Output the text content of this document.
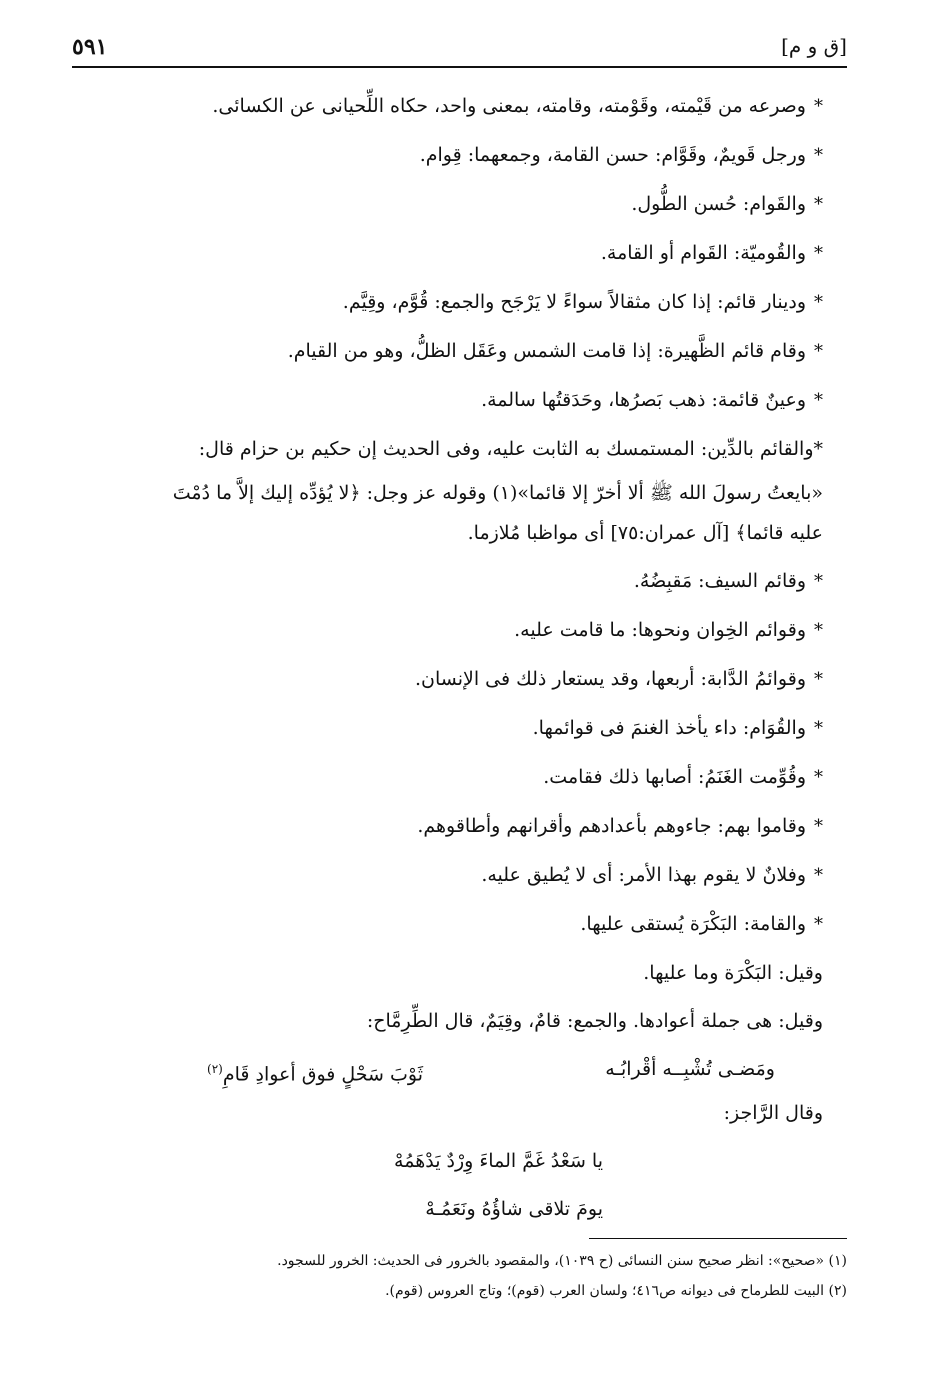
[ق و م]
٥٩١

*وصرعه من قَيْمته، وقَوْمته، وقامته، بمعنى واحد، حكاه اللِّحيانى عن الكسائى.

*ورجل قَويمٌ، وقَوَّام: حسن القامة، وجمعهما: قِوام.

*والقَوام: حُسن الطُّول.

*والقُوميّة: القَوام أو القامة.

*ودينار قائم: إذا كان مثقالاً سواءً لا يَرْجَح والجمع: قُوَّم، وقِيَّم.

*وقام قائم الظَّهيرة: إذا قامت الشمس وعَقَل الظلُّ، وهو من القيام.

*وعينٌ قائمة: ذهب بَصرُها، وحَدَقتُها سالمة.

*والقائم بالدِّين: المستمسك به الثابت عليه، وفى الحديث إن حكيم بن حزام قال:

«بايعتُ رسولَ الله ﷺ ألا أخرّ إلا قائما»(١) وقوله عز وجل: ﴿لا يُؤدِّه إليك إلاَّ ما دُمْتَ

عليه قائما﴾ [آل عمران:٧٥] أى مواظبا مُلازما.

*وقائم السيف: مَقبِضُهُ.

*وقوائم الخِوان ونحوها: ما قامت عليه.

*وقوائمُ الدَّابة: أربعها، وقد يستعار ذلك فى الإنسان.

*والقُوَام: داء يأخذ الغنمَ فى قوائمها.

*وقُوِّمت الغَنَمُ: أصابها ذلك فقامت.

*وقاموا بهم: جاءوهم بأعدادهم وأقرانهم وأطاقوهم.

*وفلانٌ لا يقوم بهذا الأمر: أى لا يُطيق عليه.

*والقامة: البَكْرَة يُستقى عليها.

وقيل: البَكْرَة وما عليها.

وقيل: هى جملة أعوادها. والجمع: قامٌ، وقِيَمٌ، قال الطِّرِمَّاح:

ومَضـى تُشْبِــه أقْرابُـه
ثَوْبَ سَحْلٍ فوق أعوادِ قَامِ$^{(٢)}$

وقال الرَّاجز:

يا سَعْدُ غَمَّ الماءَ وِرْدٌ يَدْهَمُهْ

يومَ تلاقى شاؤُهُ ونَعَمُـهْ

(١) «صحيح»: انظر صحيح سنن النسائى (ح ١٠٣٩)، والمقصود بالخرور فى الحديث: الخرور للسجود.

(٢) البيت للطرماح فى ديوانه ص٤١٦؛ ولسان العرب (قوم)؛ وتاج العروس (قوم).
